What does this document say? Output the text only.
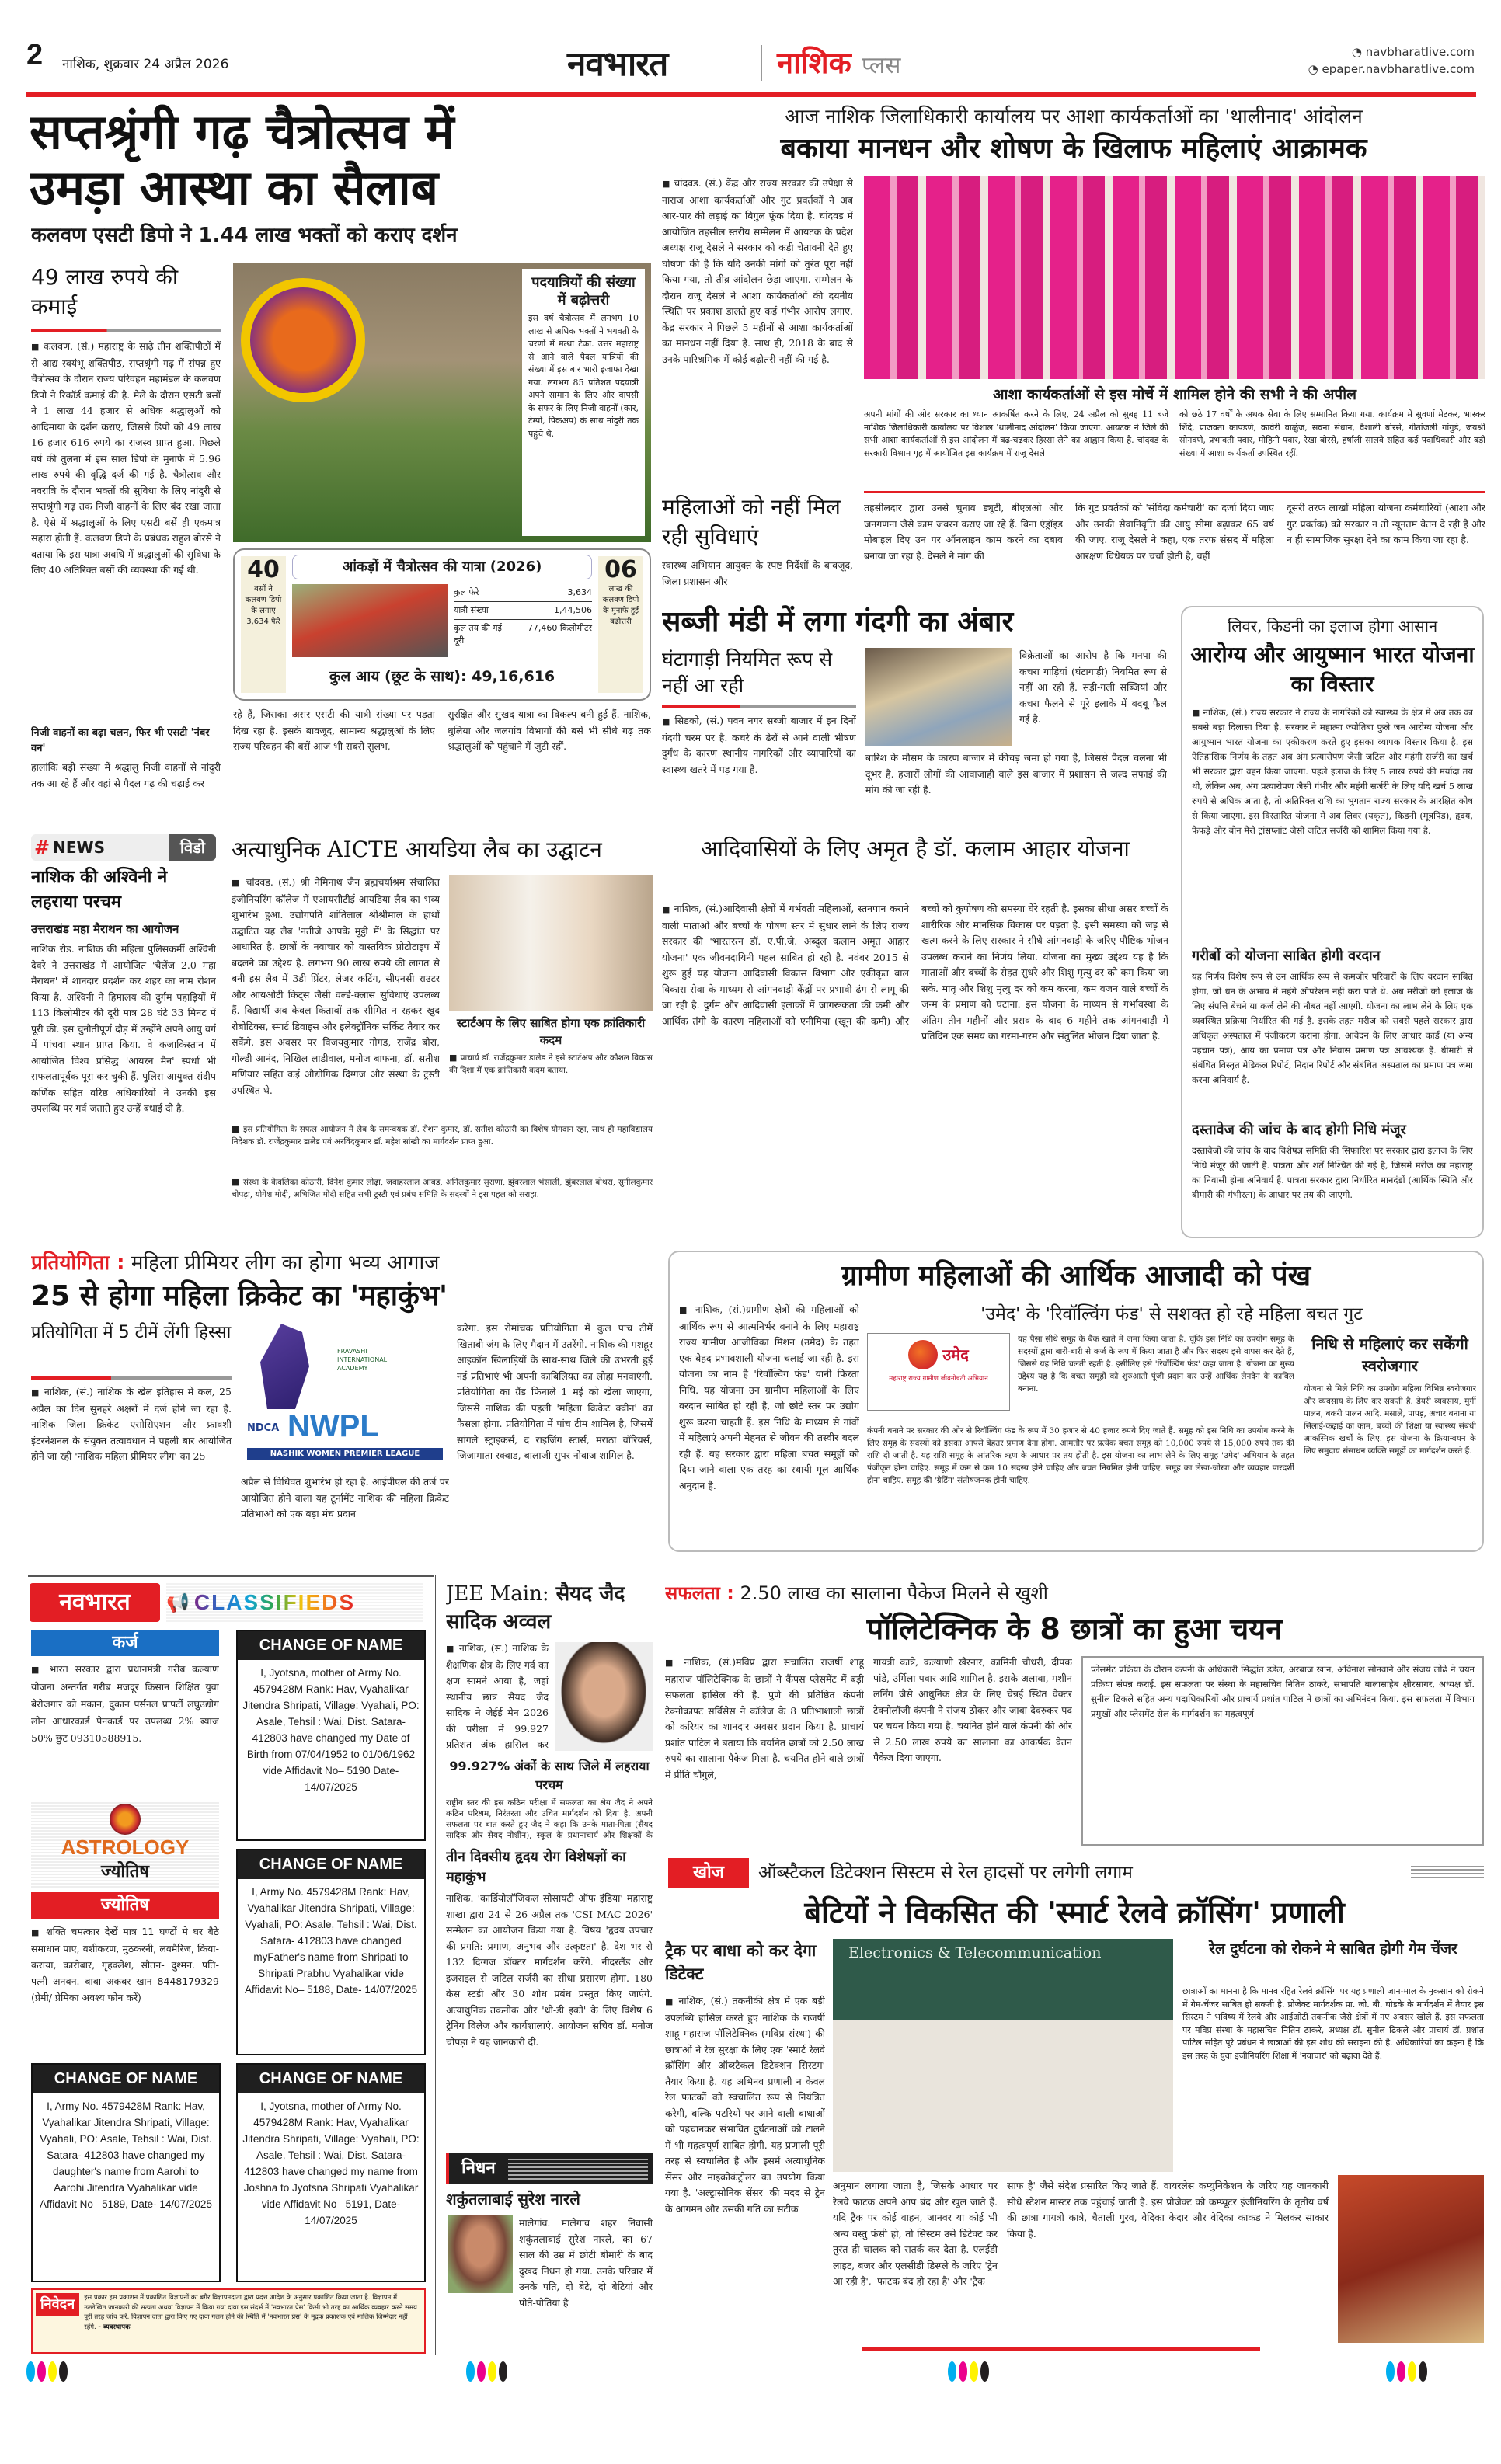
2 नाशिक, शुक्रवार 24 अप्रैल 2026	नवभारत	नाशिक प्लस	◔ navbharatlive.com
◔ epaper.navbharatlive.com
सप्तश्रृंगी गढ़ चैत्रोत्सव में
उमड़ा आस्था का सैलाब
कलवण एसटी डिपो ने 1.44 लाख भक्तों को कराए दर्शन
49 लाख रुपये की कमाई
■ कलवण. (सं.) महाराष्ट्र के साढ़े तीन शक्तिपीठों में से आद्य स्वयंभू शक्तिपीठ, सप्तश्रृंगी गढ़ में संपन्न हुए चैत्रोत्सव के दौरान राज्य परिवहन महामंडल के कलवण डिपो ने रिकॉर्ड कमाई की है. मेले के दौरान एसटी बसों ने 1 लाख 44 हजार से अधिक श्रद्धालुओं को आदिमाया के दर्शन कराए, जिससे डिपो को 49 लाख 16 हजार 616 रुपये का राजस्व प्राप्त हुआ. पिछले वर्ष की तुलना में इस साल डिपो के मुनाफे में 5.96 लाख रुपये की वृद्धि दर्ज की गई है. चैत्रोत्सव और नवरात्रि के दौरान भक्तों की सुविधा के लिए नांदुरी से सप्तश्रृंगी गढ़ तक निजी वाहनों के लिए बंद रखा जाता है. ऐसे में श्रद्धालुओं के लिए एसटी बसें ही एकमात्र सहारा होती हैं. कलवण डिपो के प्रबंधक राहुल बोरसे ने बताया कि इस यात्रा अवधि में श्रद्धालुओं की सुविधा के लिए 40 अतिरिक्त बसों की व्यवस्था की गई थी.
निजी वाहनों का बढ़ा चलन, फिर भी एसटी 'नंबर वन'
हालांकि बड़ी संख्या में श्रद्धालु निजी वाहनों से नांदुरी तक आ रहे हैं और वहां से पैदल गढ़ की चढ़ाई कर
पदयात्रियों की संख्या में बढ़ोत्तरी
इस वर्ष चैत्रोत्सव में लगभग 10 लाख से अधिक भक्तों ने भगवती के चरणों में मत्था टेका. उत्तर महाराष्ट्र से आने वाले पैदल यात्रियों की संख्या में इस बार भारी इजाफा देखा गया. लगभग 85 प्रतिशत पदयात्री अपने सामान के लिए और वापसी के सफर के लिए निजी वाहनों (कार, टेम्पो, पिकअप) के साथ नांदुरी तक पहुंचे थे.
40
बसों ने कलवण डिपो के लगाए 3,634 फेरे
आंकड़ों में चैत्रोत्सव की यात्रा (2026)
कुल फेरे	3,634
यात्री संख्या	1,44,506
कुल तय की गई दूरी
77,460 किलोमीटर
कुल आय (छूट के साथ): 49,16,616
06
लाख की कलवण डिपो के मुनाफे हुई बढ़ोत्तरी
रहे हैं, जिसका असर एसटी की यात्री संख्या पर पड़ता दिख रहा है. इसके बावजूद, सामान्य श्रद्धालुओं के लिए राज्य परिवहन की बसें आज भी सबसे सुलभ,
सुरक्षित और सुखद यात्रा का विकल्प बनी हुई हैं. नाशिक, धुलिया और जलगांव विभागों की बसें भी सीधे गढ़ तक श्रद्धालुओं को पहुंचाने में जुटी रहीं.
आज नाशिक जिलाधिकारी कार्यालय पर आशा कार्यकर्ताओं का 'थालीनाद' आंदोलन
बकाया मानधन और शोषण के खिलाफ महिलाएं आक्रामक
■ चांदवड. (सं.) केंद्र और राज्य सरकार की उपेक्षा से नाराज आशा कार्यकर्ताओं और गुट प्रवर्तकों ने अब आर-पार की लड़ाई का बिगुल फूंक दिया है. चांदवड में आयोजित तहसील स्तरीय सम्मेलन में आयटक के प्रदेश अध्यक्ष राजू देसले ने सरकार को कड़ी चेतावनी देते हुए घोषणा की है कि यदि उनकी मांगों को तुरंत पूरा नहीं किया गया, तो तीव्र आंदोलन छेड़ा जाएगा. सम्मेलन के दौरान राजू देसले ने आशा कार्यकर्ताओं की दयनीय स्थिति पर प्रकाश डालते हुए कई गंभीर आरोप लगाए. केंद्र सरकार ने पिछले 5 महीनों से आशा कार्यकर्ताओं का मानधन नहीं दिया है. साथ ही, 2018 के बाद से उनके पारिश्रमिक में कोई बढ़ोतरी नहीं की गई है.
आशा कार्यकर्ताओं से इस मोर्चे में शामिल होने की सभी ने की अपील
अपनी मांगों की ओर सरकार का ध्यान आकर्षित करने के लिए, 24 अप्रैल को सुबह 11 बजे नाशिक जिलाधिकारी कार्यालय पर विशाल 'थालीनाद आंदोलन' किया जाएगा. आयटक ने जिले की सभी आशा कार्यकर्ताओं से इस आंदोलन में बढ़-चढ़कर हिस्सा लेने का आह्वान किया है. चांदवड के सरकारी विश्राम गृह में आयोजित इस कार्यक्रम में राजू देसले
को छठे 17 वर्षों के अथक सेवा के लिए सम्मानित किया गया. कार्यक्रम में सुवर्णा मेटकर, भास्कर शिंदे, प्राजक्ता कापडणे, कावेरी वाळुंज, सवना संधान, वैशाली बोरसे, गीतांजली गांगुर्डे, जयश्री सोनवणे, प्रभावती पवार, मोहिनी पवार, रेखा बोरसे, हर्षाली सालवे सहित कई पदाधिकारी और बड़ी संख्या में आशा कार्यकर्ता उपस्थित रहीं.
महिलाओं को नहीं मिल रही सुविधाएं
स्वास्थ्य अभियान आयुक्त के स्पष्ट निर्देशों के बावजूद, जिला प्रशासन और
तहसीलदार द्वारा उनसे चुनाव ड्यूटी, बीएलओ और जनगणना जैसे काम जबरन कराए जा रहे हैं. बिना एंड्रॉइड मोबाइल दिए उन पर ऑनलाइन काम करने का दबाव बनाया जा रहा है. देसले ने मांग की
कि गुट प्रवर्तकों को 'संविदा कर्मचारी' का दर्जा दिया जाए और उनकी सेवानिवृत्ति की आयु सीमा बढ़ाकर 65 वर्ष की जाए. राजू देसले ने कहा, एक तरफ संसद में महिला आरक्षण विधेयक पर चर्चा होती है, वहीं
दूसरी तरफ लाखों महिला योजना कर्मचारियों (आशा और गुट प्रवर्तक) को सरकार न तो न्यूनतम वेतन दे रही है और न ही सामाजिक सुरक्षा देने का काम किया जा रहा है.
सब्जी मंडी में लगा गंदगी का अंबार
घंटागाड़ी नियमित रूप से नहीं आ रही
■ सिडको, (सं.) पवन नगर सब्जी बाजार में इन दिनों गंदगी चरम पर है. कचरे के ढेरों से आने वाली भीषण दुर्गंध के कारण स्थानीय नागरिकों और व्यापारियों का स्वास्थ्य खतरे में पड़ गया है.
विक्रेताओं का आरोप है कि मनपा की कचरा गाड़ियां (घंटागाड़ी) नियमित रूप से नहीं आ रही हैं. सड़ी-गली सब्जियां और कचरा फैलने से पूरे इलाके में बदबू फैल गई है.
बारिश के मौसम के कारण बाजार में कीचड़ जमा हो गया है, जिससे पैदल चलना भी दूभर है. हजारों लोगों की आवाजाही वाले इस बाजार में प्रशासन से जल्द सफाई की मांग की जा रही है.
लिवर, किडनी का इलाज होगा आसान
आरोग्य और आयुष्मान भारत योजना का विस्तार
■ नाशिक, (सं.) राज्य सरकार ने राज्य के नागरिकों को स्वास्थ्य के क्षेत्र में अब तक का सबसे बड़ा दिलासा दिया है. सरकार ने महात्मा ज्योतिबा फुले जन आरोग्य योजना और आयुष्मान भारत योजना का एकीकरण करते हुए इसका व्यापक विस्तार किया है. इस ऐतिहासिक निर्णय के तहत अब अंग प्रत्यारोपण जैसी जटिल और महंगी सर्जरी का खर्च भी सरकार द्वारा वहन किया जाएगा. पहले इलाज के लिए 5 लाख रुपये की मर्यादा तय थी, लेकिन अब, अंग प्रत्यारोपण जैसी गंभीर और महंगी सर्जरी के लिए यदि खर्च 5 लाख रुपये से अधिक आता है, तो अतिरिक्त राशि का भुगतान राज्य सरकार के आरक्षित कोष से किया जाएगा. इस विस्तारित योजना में अब लिवर (यकृत), किडनी (मूत्रपिंड), हृदय, फेफड़े और बोन मैरो ट्रांसप्लांट जैसी जटिल सर्जरी को शामिल किया गया है.
गरीबों को योजना साबित होगी वरदान
यह निर्णय विशेष रूप से उन आर्थिक रूप से कमजोर परिवारों के लिए वरदान साबित होगा, जो धन के अभाव में महंगे ऑपरेशन नहीं करा पाते थे. अब मरीजों को इलाज के लिए संपत्ति बेचने या कर्ज लेने की नौबत नहीं आएगी. योजना का लाभ लेने के लिए एक व्यवस्थित प्रक्रिया निर्धारित की गई है. इसके तहत मरीज को सबसे पहले सरकार द्वारा अधिकृत अस्पताल में पंजीकरण कराना होगा. आवेदन के लिए आधार कार्ड (या अन्य पहचान पत्र), आय का प्रमाण पत्र और निवास प्रमाण पत्र आवश्यक है. बीमारी से संबंधित विस्तृत मेडिकल रिपोर्ट, निदान रिपोर्ट और संबंधित अस्पताल का प्रमाण पत्र जमा करना अनिवार्य है.
दस्तावेज की जांच के बाद होगी निधि मंजूर
दस्तावेजों की जांच के बाद विशेषज्ञ समिति की सिफारिश पर सरकार द्वारा इलाज के लिए निधि मंजूर की जाती है. पात्रता और शर्तें निश्चित की गई है, जिसमें मरीज का महाराष्ट्र का निवासी होना अनिवार्य है. पात्रता सरकार द्वारा निर्धारित मानदंडों (आर्थिक स्थिति और बीमारी की गंभीरता) के आधार पर तय की जाएगी.
# NEWS	विडो
नाशिक की अश्विनी ने लहराया परचम
उत्तराखंड महा मैराथन का आयोजन
नाशिक रोड. नाशिक की महिला पुलिसकर्मी अश्विनी देवरे ने उत्तराखंड में आयोजित 'चैलेंज 2.0 महा मैराथन' में शानदार प्रदर्शन कर शहर का नाम रोशन किया है. अश्विनी ने हिमालय की दुर्गम पहाड़ियों में 113 किलोमीटर की दूरी मात्र 28 घंटे 33 मिनट में पूरी की. इस चुनौतीपूर्ण दौड़ में उन्होंने अपने आयु वर्ग में पांचवा स्थान प्राप्त किया. वे कजाकिस्तान में आयोजित विश्व प्रसिद्ध 'आयरन मैन' स्पर्धा भी सफलतापूर्वक पूरा कर चुकी हैं. पुलिस आयुक्त संदीप कर्णिक सहित वरिष्ठ अधिकारियों ने उनकी इस उपलब्धि पर गर्व जताते हुए उन्हें बधाई दी है.
अत्याधुनिक AICTE आयडिया लैब का उद्घाटन
■ चांदवड. (सं.) श्री नेमिनाथ जैन ब्रह्मचर्याश्रम संचालित इंजीनियरिंग कॉलेज में एआयसीटीई आयडिया लैब का भव्य शुभारंभ हुआ. उद्योगपति शांतिलाल श्रीश्रीमाल के हाथों उद्घाटित यह लैब 'नतीजे आपके मुट्ठी में' के सिद्धांत पर आधारित है. छात्रों के नवाचार को वास्तविक प्रोटोटाइप में बदलने का उद्देश्य है. लगभग 90 लाख रुपये की लागत से बनी इस लैब में 3डी प्रिंटर, लेजर कटिंग, सीएनसी राउटर और आयओटी किट्स जैसी वर्ल्ड-क्लास सुविधाएं उपलब्ध हैं. विद्यार्थी अब केवल किताबों तक सीमित न रहकर खुद रोबोटिक्स, स्मार्ट डिवाइस और इलेक्ट्रॉनिक सर्किट तैयार कर सकेंगे. इस अवसर पर विजयकुमार गोगड, राजेंद्र बोरा, गोल्डी आनंद, निखिल लाडीवाल, मनोज बाफना, डॉ. सतीश मणियार सहित कई औद्योगिक दिग्गज और संस्था के ट्रस्टी उपस्थित थे.
स्टार्टअप के लिए साबित होगा एक क्रांतिकारी कदम
■ प्राचार्य डॉ. राजेंद्रकुमार डालेड ने इसे स्टार्टअप और कौशल विकास की दिशा में एक क्रांतिकारी कदम बताया.
■ इस प्रतियोगिता के सफल आयोजन में लैब के समन्वयक डॉ. रोशन कुमार, डॉ. सतीश कोठारी का विशेष योगदान रहा, साथ ही महाविद्यालय निदेशक डॉ. राजेंद्रकुमार डालेड एवं अरविंदकुमार डॉ. महेश सांखी का मार्गदर्शन प्राप्त हुआ.
■ संस्था के केवलिका कोठारी, दिनेश कुमार लोढ़ा, जवाहरलाल आबड, अनिलकुमार सुराणा, झुंबरलाल भंसाली, झुंबरलाल बोथरा, सुनीलकुमार चोपड़ा, योगेश मोदी, अभिजित मोदी सहित सभी ट्रस्टी एवं प्रबंध समिति के सदस्यों ने इस पहल को सराहा.
आदिवासियों के लिए अमृत है डॉ. कलाम आहार योजना
■ नाशिक, (सं.)आदिवासी क्षेत्रों में गर्भवती महिलाओं, स्तनपान कराने वाली माताओं और बच्चों के पोषण स्तर में सुधार लाने के लिए राज्य सरकार की 'भारतरत्न डॉ. ए.पी.जे. अब्दुल कलाम अमृत आहार योजना' एक जीवनदायिनी पहल साबित हो रही है. नवंबर 2015 से शुरू हुई यह योजना आदिवासी विकास विभाग और एकीकृत बाल विकास सेवा के माध्यम से आंगनवाड़ी केंद्रों पर प्रभावी ढंग से लागू की जा रही है. दुर्गम और आदिवासी इलाकों में जागरूकता की कमी और आर्थिक तंगी के कारण महिलाओं को एनीमिया (खून की कमी) और बच्चों को कुपोषण की समस्या घेरे रहती है. इसका सीधा असर बच्चों के शारीरिक और मानसिक विकास पर पड़ता है. इसी समस्या को जड़ से खत्म करने के लिए सरकार ने सीधे आंगनवाड़ी के जरिए पौष्टिक भोजन उपलब्ध कराने का निर्णय लिया. योजना का मुख्य उद्देश्य यह है कि माताओं और बच्चों के सेहत सुधरे और शिशु मृत्यु दर को कम किया जा सके. मातृ और शिशु मृत्यु दर को कम करना, कम वजन वाले बच्चों के जन्म के प्रमाण को घटाना. इस योजना के माध्यम से गर्भावस्था के अंतिम तीन महीनों और प्रसव के बाद 6 महीने तक आंगनवाड़ी में प्रतिदिन एक समय का गरमा-गरम और संतुलित भोजन दिया जाता है.
प्रतियोगिता : महिला प्रीमियर लीग का होगा भव्य आगाज
25 से होगा महिला क्रिकेट का 'महाकुंभ'
प्रतियोगिता में 5 टीमें लेंगी हिस्सा
■ नाशिक, (सं.) नाशिक के खेल इतिहास में कल, 25 अप्रैल का दिन सुनहरे अक्षरों में दर्ज होने जा रहा है. नाशिक जिला क्रिकेट एसोसिएशन और फ्रावशी इंटरनेशनल के संयुक्त तत्वावधान में पहली बार आयोजित होने जा रही 'नाशिक महिला प्रीमियर लीग' का 25
FRAVASHI INTERNATIONAL ACADEMY
NDCA NWPL
NASHIK WOMEN PREMIER LEAGUE
अप्रैल से विधिवत शुभारंभ हो रहा है. आईपीएल की तर्ज पर आयोजित होने वाला यह टूर्नामेंट नाशिक की महिला क्रिकेट प्रतिभाओं को एक बड़ा मंच प्रदान
करेगा. इस रोमांचक प्रतियोगिता में कुल पांच टीमें खिताबी जंग के लिए मैदान में उतरेंगी. नाशिक की मशहूर आइकॉन खिलाड़ियों के साथ-साथ जिले की उभरती हुई नई प्रतिभाएं भी अपनी काबिलियत का लोहा मनवाएंगी. प्रतियोगिता का ग्रैंड फिनाले 1 मई को खेला जाएगा, जिससे नाशिक की पहली 'महिला क्रिकेट क्वीन' का फैसला होगा. प्रतियोगिता में पांच टीम शामिल है, जिसमें सांगले स्ट्राइकर्स, द राइजिंग स्टार्स, मराठा वॉरियर्स, जिजामाता स्क्वाड, बालाजी सुपर नोवाज शामिल है.
ग्रामीण महिलाओं की आर्थिक आजादी को पंख
■ नाशिक, (सं.)ग्रामीण क्षेत्रों की महिलाओं को आर्थिक रूप से आत्मनिर्भर बनाने के लिए महाराष्ट्र राज्य ग्रामीण आजीविका मिशन (उमेद) के तहत एक बेहद प्रभावशाली योजना चलाई जा रही है. इस योजना का नाम है 'रिवॉल्विंग फंड' यानी फिरता निधि. यह योजना उन ग्रामीण महिलाओं के लिए वरदान साबित हो रही है, जो छोटे स्तर पर उद्योग शुरू करना चाहती हैं. इस निधि के माध्यम से गांवों में महिलाएं अपनी मेहनत से जीवन की तस्वीर बदल रही हैं. यह सरकार द्वारा महिला बचत समूहों को दिया जाने वाला एक तरह का स्थायी मूल आर्थिक अनुदान है.
'उमेद' के 'रिवॉल्विंग फंड' से सशक्त हो रहे महिला बचत गुट
उमेद
महाराष्ट्र राज्य ग्रामीण जीवनोन्नती अभियान
यह पैसा सीधे समूह के बैंक खाते में जमा किया जाता है. चूंकि इस निधि का उपयोग समूह के सदस्यों द्वारा बारी-बारी से कर्ज के रूप में किया जाता है और फिर सदस्य इसे वापस कर देते हैं, जिससे यह निधि चलती रहती है. इसीलिए इसे 'रिवॉल्विंग फंड' कहा जाता है. योजना का मुख्य उद्देश्य यह है कि बचत समूहों को शुरुआती पूंजी प्रदान कर उन्हें आर्थिक लेनदेन के काबिल बनाना.
कंपनी बनाने पर सरकार की ओर से रिवॉल्विंग फंड के रूप में 30 हजार से 40 हजार रुपये दिए जाते हैं. समूह को इस निधि का उपयोग करने के लिए समूह के सदस्यों को इसका आपसे बेहतर प्रमाण देना होगा. आमतौर पर प्रत्येक बचत समूह को 10,000 रुपये से 15,000 रुपये तक की राशि दी जाती है. यह राशि समूह के आंतरिक ऋण के आधार पर तय होती है. इस योजना का लाभ लेने के लिए समूह 'उमेद' अभियान के तहत पंजीकृत होना चाहिए. समूह में कम से कम 10 सदस्य होने चाहिए और बचत नियमित होनी चाहिए. समूह का लेखा-जोखा और व्यवहार पारदर्शी होना चाहिए. समूह की 'ग्रेडिंग' संतोषजनक होनी चाहिए.
निधि से महिलाएं कर सकेंगी स्वरोजगार
योजना से मिले निधि का उपयोग महिला विभिन्न स्वरोजगार और व्यवसाय के लिए कर सकती है. डेयरी व्यवसाय, मुर्गी पालन, बकरी पालन आदि. मसाले, पापड़, अचार बनाना या सिलाई-कढ़ाई का काम, बच्चों की शिक्षा या स्वास्थ्य संबंधी आकस्मिक खर्चों के लिए. इस योजना के क्रियान्वयन के लिए समुदाय संसाधन व्यक्ति समूहों का मार्गदर्शन करते हैं.
नवभारत	📢 CLASSIFIEDS
कर्ज
■ भारत सरकार द्वारा प्रधानमंत्री गरीब कल्याण योजना अन्तर्गत गरीब मजदूर किसान शिक्षित युवा बेरोजगार को मकान, दुकान पर्सनल प्रापर्टी लघुउद्योग लोन आधारकार्ड पेनकार्ड पर उपलब्ध 2% ब्याज 50% छुट 09310588915.
ASTROLOGY
ज्योतिष
ज्योतिष
■ शक्ति चमत्कार देखें मात्र 11 घण्टों मे घर बैठे समाधान पाए, वशीकरण, मुठकरनी, लवमैरिज, किया- कराया, कारोबार, गृहक्लेश, सौतन- दुश्मन. पति- पत्नी अनबन. बाबा अकबर खान 8448179329 (प्रेमी/ प्रेमिका अवश्य फोन करें)
CHANGE OF NAME
I, Jyotsna, mother of Army No. 4579428M Rank: Hav, Vyahalikar Jitendra Shripati, Village: Vyahali, PO: Asale, Tehsil : Wai, Dist. Satara-412803 have changed my Date of Birth from 07/04/1952 to 01/06/1962 vide Affidavit No– 5190 Date- 14/07/2025
CHANGE OF NAME
I, Army No. 4579428M Rank: Hav, Vyahalikar Jitendra Shripati, Village: Vyahali, PO: Asale, Tehsil : Wai, Dist. Satara- 412803 have changed myFather's name from Shripati to Shripati Prabhu Vyahalikar vide Affidavit No– 5188, Date- 14/07/2025
CHANGE OF NAME
I, Army No. 4579428M Rank: Hav, Vyahalikar Jitendra Shripati, Village: Vyahali, PO: Asale, Tehsil : Wai, Dist. Satara- 412803 have changed my daughter's name from Aarohi to Aarohi Jitendra Vyahalikar vide Affidavit No– 5189, Date- 14/07/2025
CHANGE OF NAME
I, Jyotsna, mother of Army No. 4579428M Rank: Hav, Vyahalikar Jitendra Shripati, Village: Vyahali, PO: Asale, Tehsil : Wai, Dist. Satara- 412803 have changed my name from Joshna to Jyotsna Shripati Vyahalikar vide Affidavit No– 5191, Date- 14/07/2025
निवेदन	इस प्रकार इस प्रकाशन में प्रकाशित विज्ञापनों का बगैर विज्ञापनदाता द्वारा प्रदत्त आदेश के अनुसार प्रकाशित किया जाता है. विज्ञापन में उल्लेखित जानकारी की सत्यता अथवा विज्ञापन में किया गया दावा इस संदर्भ में 'नवभारत प्रेस' किसी भी तरह का आर्थिक व्यवहार करने समय पूरी तरह जांच करें. विज्ञापन दाता द्वारा किए गए दावा गलत होने की स्थिति में 'नवभारत प्रेस' के मुद्रक प्रकाशक एवं मालिक जिम्मेदार नहीं रहेंगे. - व्यवस्थापक
JEE Main: सैयद जैद सादिक अव्वल
■ नाशिक, (सं.) नाशिक के शैक्षणिक क्षेत्र के लिए गर्व का क्षण सामने आया है, जहां स्थानीय छात्र सैयद जैद सादिक ने जेईई मेन 2026 की परीक्षा में 99.927 प्रतिशत अंक हासिल कर
99.927% अंकों के साथ जिले में लहराया परचम
राष्ट्रीय स्तर की इस कठिन परीक्षा में सफलता का श्रेय जैद ने अपने कठिन परिश्रम, निरंतरता और उचित मार्गदर्शन को दिया है. अपनी सफलता पर बात करते हुए जैद ने कहा कि उनके माता-पिता (सैयद सादिक और सैयद नौशीन), स्कूल के प्रधानाचार्य और शिक्षकों के
तीन दिवसीय हृदय रोग विशेषज्ञों का महाकुंभ
नाशिक. 'कार्डियोलॉजिकल सोसायटी ऑफ इंडिया' महाराष्ट्र शाखा द्वारा 24 से 26 अप्रैल तक 'CSI MAC 2026' सम्मेलन का आयोजन किया गया है. विषय 'हृदय उपचार की प्रगति: प्रमाण, अनुभव और उत्कृष्टता' है. देश भर से 132 दिग्गज डॉक्टर मार्गदर्शन करेंगे. नीदरलैंड और इजराइल से जटिल सर्जरी का सीधा प्रसारण होगा. 180 केस स्टडी और 30 शोध प्रबंध प्रस्तुत किए जाएंगे. अत्याधुनिक तकनीक और 'थ्री-डी इको' के लिए विशेष 6 ट्रेनिंग विलेज और कार्यशालाएं. आयोजन सचिव डॉ. मनोज चोपड़ा ने यह जानकारी दी.
निधन
शकुंतलाबाई सुरेश नारले
मालेगांव. मालेगांव शहर निवासी शकुंतलाबाई सुरेश नारले, का 67 साल की उम्र में छोटी बीमारी के बाद दुखद निधन हो गया. उनके परिवार में उनके पति, दो बेटे, दो बेटियां और पोते-पोतियां है
सफलता : 2.50 लाख का सालाना पैकेज मिलने से खुशी
पॉलिटेक्निक के 8 छात्रों का हुआ चयन
■ नाशिक, (सं.)मविप्र द्वारा संचालित राजर्षी शाहू महाराज पॉलिटेक्निक के छात्रों ने कैंपस प्लेसमेंट में बड़ी सफलता हासिल की है. पुणे की प्रतिष्ठित कंपनी टेक्नोक्राफ्ट सर्विसेस ने कॉलेज के 8 प्रतिभाशाली छात्रों को करियर का शानदार अवसर प्रदान किया है. प्राचार्य प्रशांत पाटिल ने बताया कि चयनित छात्रों को 2.50 लाख रुपये का सालाना पैकेज मिला है. चयनित होने वाले छात्रों में प्रीति चौगुले,
गायत्री कात्रे, कल्याणी खैरनार, कामिनी चौधरी, दीपक पांडे, उर्मिला पवार आदि शामिल है. इसके अलावा, मशीन लर्निंग जैसे आधुनिक क्षेत्र के लिए चेन्नई स्थित वेक्टर टेक्नोलॉजी कंपनी ने संजय ठोकर और जाबा देवरुकर पद पर चयन किया गया है. चयनित होने वाले कंपनी की ओर से 2.50 लाख रुपये का सालाना का आकर्षक वेतन पैकेज दिया जाएगा.
प्लेसमेंट प्रक्रिया के दौरान कंपनी के अधिकारी सिद्धांत डडेल, अरबाज खान, अविनाश सोनवाने और संजय लोंढे ने चयन प्रक्रिया संपन्न कराई. इस सफलता पर संस्था के महासचिव नितिन ठाकरे, सभापति बालासाहेब क्षीरसागर, अध्यक्ष डॉ. सुनील ढिकले सहित अन्य पदाधिकारियों और प्राचार्य प्रशांत पाटिल ने छात्रों का अभिनंदन किया. इस सफलता में विभाग प्रमुखों और प्लेसमेंट सेल के मार्गदर्शन का महत्वपूर्ण
खोज	ऑब्स्टैकल डिटेक्शन सिस्टम से रेल हादसों पर लगेगी लगाम
बेटियों ने विकसित की 'स्मार्ट रेलवे क्रॉसिंग' प्रणाली
ट्रैक पर बाधा को कर देगा डिटेक्ट
Electronics & Telecommunication	रेल दुर्घटना को रोकने मे साबित होगी गेम चेंजर
छात्राओं का मानना है कि मानव रहित रेलवे क्रॉसिंग पर यह प्रणाली जान-माल के नुकसान को रोकने में गेम-चेंजर साबित हो सकती है. प्रोजेक्ट मार्गदर्शक प्रा. जी. बी. घोडके के मार्गदर्शन में तैयार इस सिस्टम ने भविष्य में रेलवे और आईओटी तकनीक जैसे क्षेत्रों में नए अवसर खोले हैं. इस सफलता पर मविप्र संस्था के महासचिव नितिन ठाकरे, अध्यक्ष डॉ. सुनील ढिकले और प्राचार्य डॉ. प्रशांत पाटिल सहित पूरे प्रबंधन ने छात्राओं की इस शोध की सराहना की है. अधिकारियों का कहना है कि इस तरह के युवा इंजीनियरिंग शिक्षा में 'नवाचार' को बढ़ावा देते हैं.
■ नाशिक, (सं.) तकनीकी क्षेत्र में एक बड़ी उपलब्धि हासिल करते हुए नाशिक के राजर्षी शाहू महाराज पॉलिटेक्निक (मविप्र संस्था) की छात्राओं ने रेल सुरक्षा के लिए एक 'स्मार्ट रेलवे क्रॉसिंग और ऑब्स्टैकल डिटेक्शन सिस्टम' तैयार किया है. यह अभिनव प्रणाली न केवल रेल फाटकों को स्वचालित रूप से नियंत्रित करेगी, बल्कि पटरियों पर आने वाली बाधाओं को पहचानकर संभावित दुर्घटनाओं को टालने में भी महत्वपूर्ण साबित होगी. यह प्रणाली पूरी तरह से स्वचालित है और इसमें अत्याधुनिक सेंसर और माइक्रोकंट्रोलर का उपयोग किया गया है. 'अल्ट्रासोनिक सेंसर' की मदद से ट्रेन के आगमन और उसकी गति का सटीक
अनुमान लगाया जाता है, जिसके आधार पर रेलवे फाटक अपने आप बंद और खुल जाते हैं. यदि ट्रैक पर कोई वाहन, जानवर या कोई भी अन्य वस्तु फंसी हो, तो सिस्टम उसे डिटेक्ट कर तुरंत ही चालक को सतर्क कर देता है. एलईडी लाइट, बजर और एलसीडी डिस्प्ले के जरिए 'ट्रेन आ रही है', 'फाटक बंद हो रहा है' और 'ट्रैक
साफ है' जैसे संदेश प्रसारित किए जाते हैं. वायरलेस कम्युनिकेशन के जरिए यह जानकारी सीधे स्टेशन मास्टर तक पहुंचाई जाती है. इस प्रोजेक्ट को कम्प्यूटर इंजीनियरिंग के तृतीय वर्ष की छात्रा गायत्री कात्रे, चैताली गुरव, वेदिका केदार और वेदिका काकड ने मिलकर साकार किया है.
